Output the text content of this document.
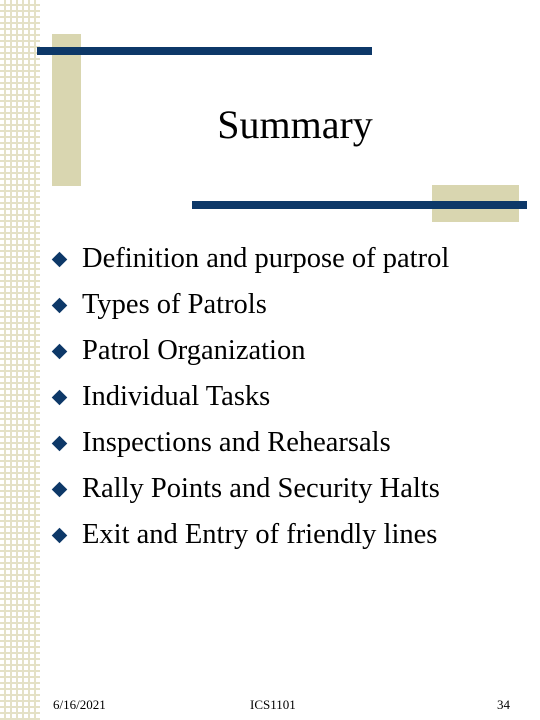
Summary
Definition and purpose of patrol
Types of Patrols
Patrol Organization
Individual Tasks
Inspections and Rehearsals
Rally Points and Security Halts
Exit and Entry of friendly lines
6/16/2021	ICS1101	34
